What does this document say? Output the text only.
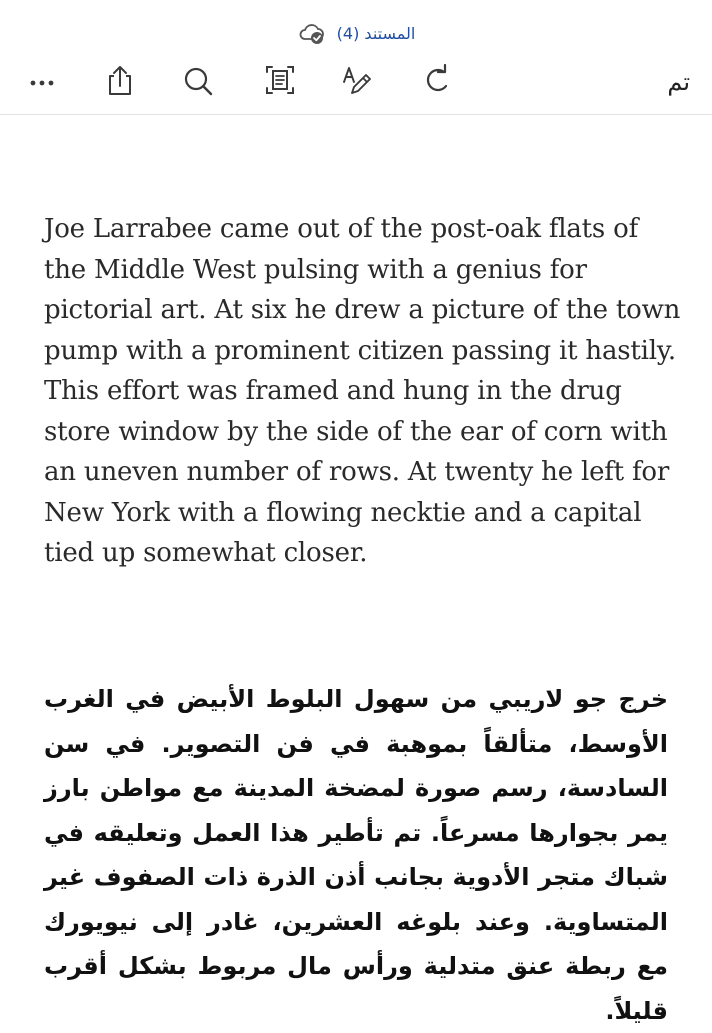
المستند (4)
تم

Joe Larrabee came out of the post-oak flats of the Middle West pulsing with a genius for pictorial art. At six he drew a picture of the town pump with a prominent citizen passing it hastily. This effort was framed and hung in the drug store window by the side of the ear of corn with an uneven number of rows. At twenty he left for New York with a flowing necktie and a capital tied up somewhat closer.

خرج جو لاريبي من سهول البلوط الأبيض في الغرب الأوسط، متألقاً بموهبة في فن التصوير. في سن السادسة، رسم صورة لمضخة المدينة مع مواطن بارز يمر بجوارها مسرعاً. تم تأطير هذا العمل وتعليقه في شباك متجر الأدوية بجانب أذن الذرة ذات الصفوف غير المتساوية. وعند بلوغه العشرين، غادر إلى نيويورك مع ربطة عنق متدلية ورأس مال مربوط بشكل أقرب قليلاً.
